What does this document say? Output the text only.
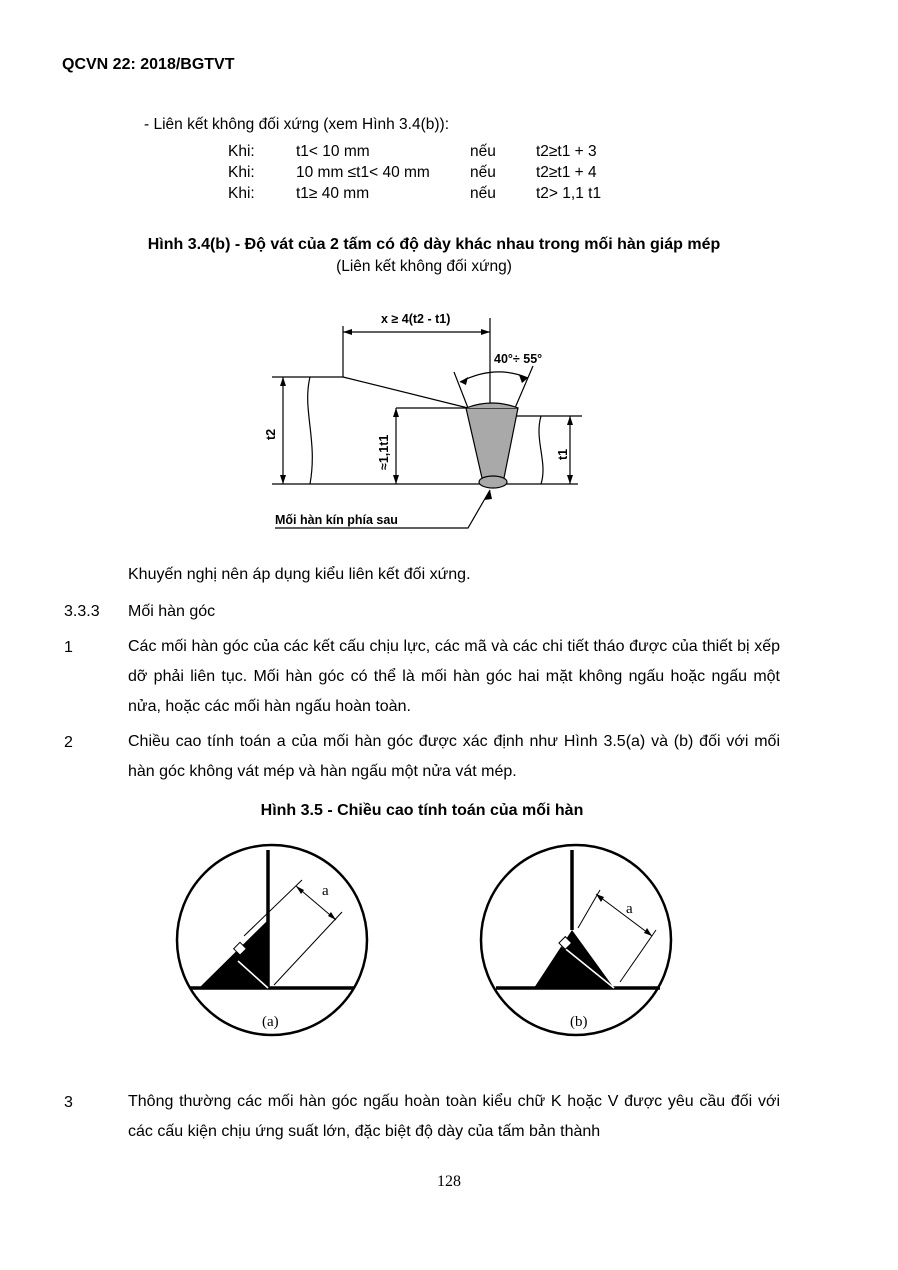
QCVN 22: 2018/BGTVT
- Liên kết không đối xứng (xem Hình 3.4(b)):
Khi:	t1< 10 mm	nếu	t2≥t1 + 3
Khi:	10 mm ≤t1< 40 mm	nếu	t2≥t1 + 4
Khi:	t1≥ 40 mm	nếu	t2> 1,1 t1
Hình 3.4(b) - Độ vát của 2 tấm có độ dày khác nhau trong mối hàn giáp mép
(Liên kết không đối xứng)
x ≥ 4(t2 - t1)
40°÷ 55°
t2
≈1,1t1	t1
Mối hàn kín phía sau
Khuyến nghị nên áp dụng kiểu liên kết đối xứng.
3.3.3 Mối hàn góc
1	Các mối hàn góc của các kết cấu chịu lực, các mã và các chi tiết tháo được của thiết bị xếp dỡ phải liên tục. Mối hàn góc có thể là mối hàn góc hai mặt không ngấu hoặc ngấu một nửa, hoặc các mối hàn ngấu hoàn toàn.
2	Chiều cao tính toán a của mối hàn góc được xác định như Hình 3.5(a) và (b) đối với mối hàn góc không vát mép và hàn ngấu một nửa vát mép.
Hình 3.5 - Chiều cao tính toán của mối hàn
a
(a)
a
(b)
3	Thông thường các mối hàn góc ngấu hoàn toàn kiểu chữ K hoặc V được yêu cầu đối với các cấu kiện chịu ứng suất lớn, đặc biệt độ dày của tấm bản thành
128
